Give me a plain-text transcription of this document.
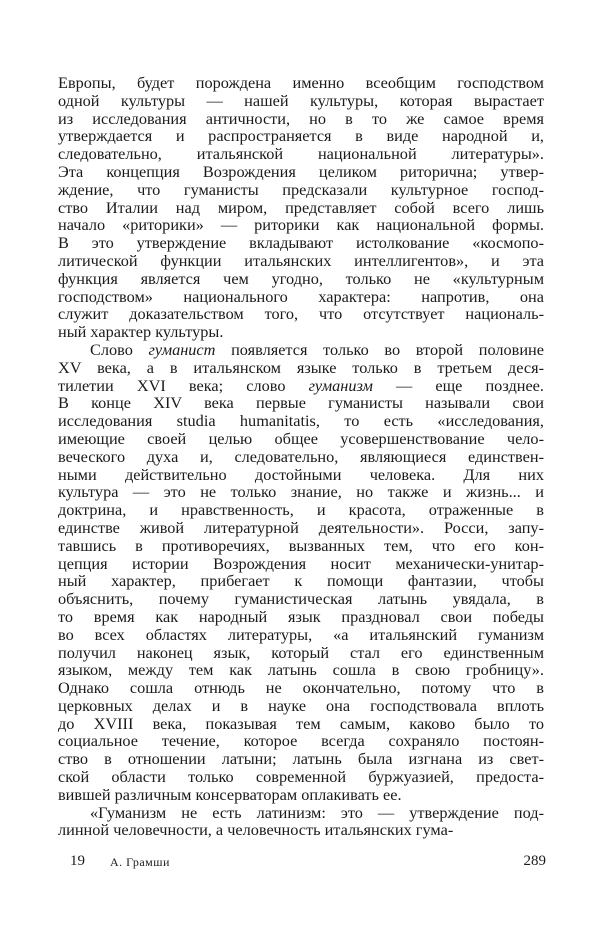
Европы, будет порождена именно всеобщим господством
одной культуры — нашей культуры, которая вырастает
из исследования античности, но в то же самое время
утверждается и распространяется в виде народной и,
следовательно, итальянской национальной литературы».
Эта концепция Возрождения целиком риторична; утвер-
ждение, что гуманисты предсказали культурное господ-
ство Италии над миром, представляет собой всего лишь
начало «риторики» — риторики как национальной формы.
В это утверждение вкладывают истолкование «космопо-
литической функции итальянских интеллигентов», и эта
функция является чем угодно, только не «культурным
господством» национального характера: напротив, она
служит доказательством того, что отсутствует националь-
ный характер культуры.
Слово гуманист появляется только во второй половине
XV века, а в итальянском языке только в третьем деся-
тилетии XVI века; слово гуманизм — еще позднее.
В конце XIV века первые гуманисты называли свои
исследования studia humanitatis, то есть «исследования,
имеющие своей целью общее усовершенствование чело-
веческого духа и, следовательно, являющиеся единствен-
ными действительно достойными человека. Для них
культура — это не только знание, но также и жизнь... и
доктрина, и нравственность, и красота, отраженные в
единстве живой литературной деятельности». Росси, запу-
тавшись в противоречиях, вызванных тем, что его кон-
цепция истории Возрождения носит механически-унитар-
ный характер, прибегает к помощи фантазии, чтобы
объяснить, почему гуманистическая латынь увядала, в
то время как народный язык праздновал свои победы
во всех областях литературы, «а итальянский гуманизм
получил наконец язык, который стал его единственным
языком, между тем как латынь сошла в свою гробницу».
Однако сошла отнюдь не окончательно, потому что в
церковных делах и в науке она господствовала вплоть
до XVIII века, показывая тем самым, каково было то
социальное течение, которое всегда сохраняло постоян-
ство в отношении латыни; латынь была изгнана из свет-
ской области только современной буржуазией, предоста-
вившей различным консерваторам оплакивать ее.
«Гуманизм не есть латинизм: это — утверждение под-
линной человечности, а человечность итальянских гума-
19 А. Грамши	289
